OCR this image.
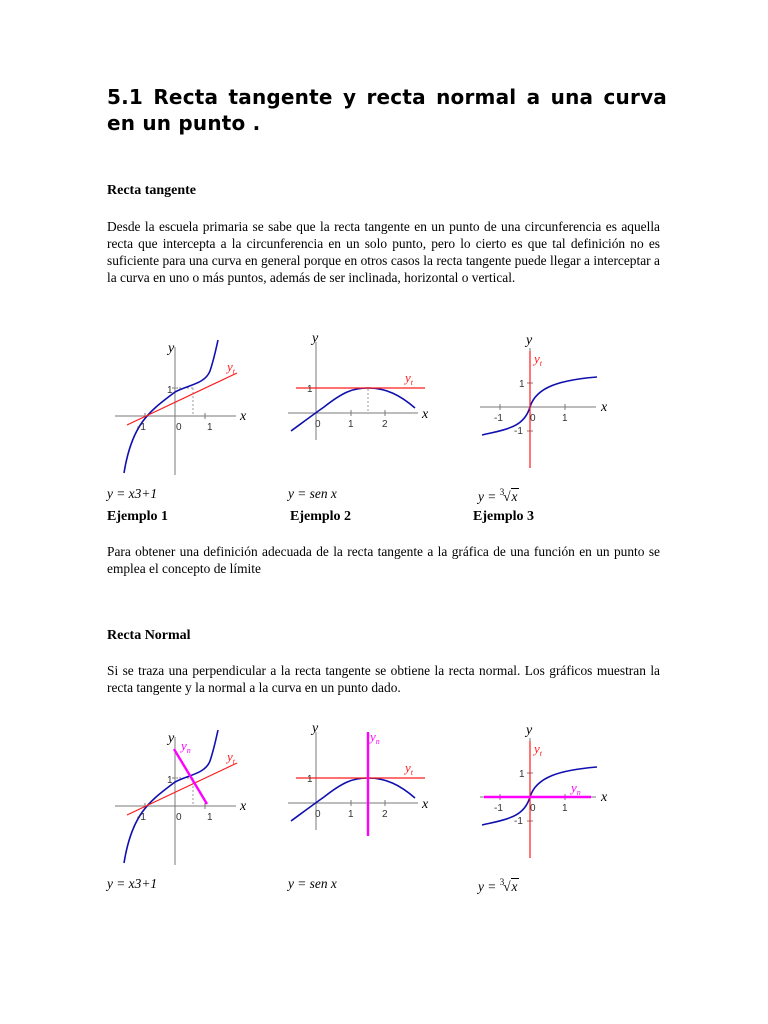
5.1 Recta tangente y recta normal a una curva en un punto .
Recta tangente

Desde la escuela primaria se sabe que la recta tangente en un punto de una circunferencia es aquella recta que intercepta a la circunferencia en un solo punto, pero lo cierto es que tal definición no es suficiente para una curva en general porque en otros casos la recta tangente puede llegar a interceptar a la curva en uno o más puntos, además de ser inclinada, horizontal o vertical.

y
x
-1	0	1
1
$y_t$
y
x
0	1	2
1
$y_t$
y
x
-1	0	1
1
-1
$y_t$
y = x3+1	y = sen x	y = $^3$√x
Ejemplo 1	Ejemplo 2	Ejemplo 3

Para obtener una definición adecuada de la recta tangente a la gráfica de una función en un punto se emplea el concepto de límite

Recta Normal

Si se traza una perpendicular a la recta tangente se obtiene la recta normal. Los gráficos muestran la recta tangente y la normal a la curva en un punto dado.

y
x
-1	0	1
1
$y_t$
$y_n$
y
x
0	1	2
1
$y_t$
$y_n$
y
x
-1	0	1
1
-1
$y_t$
$y_n$
y = x3+1	y = sen x	y = $^3$√x
